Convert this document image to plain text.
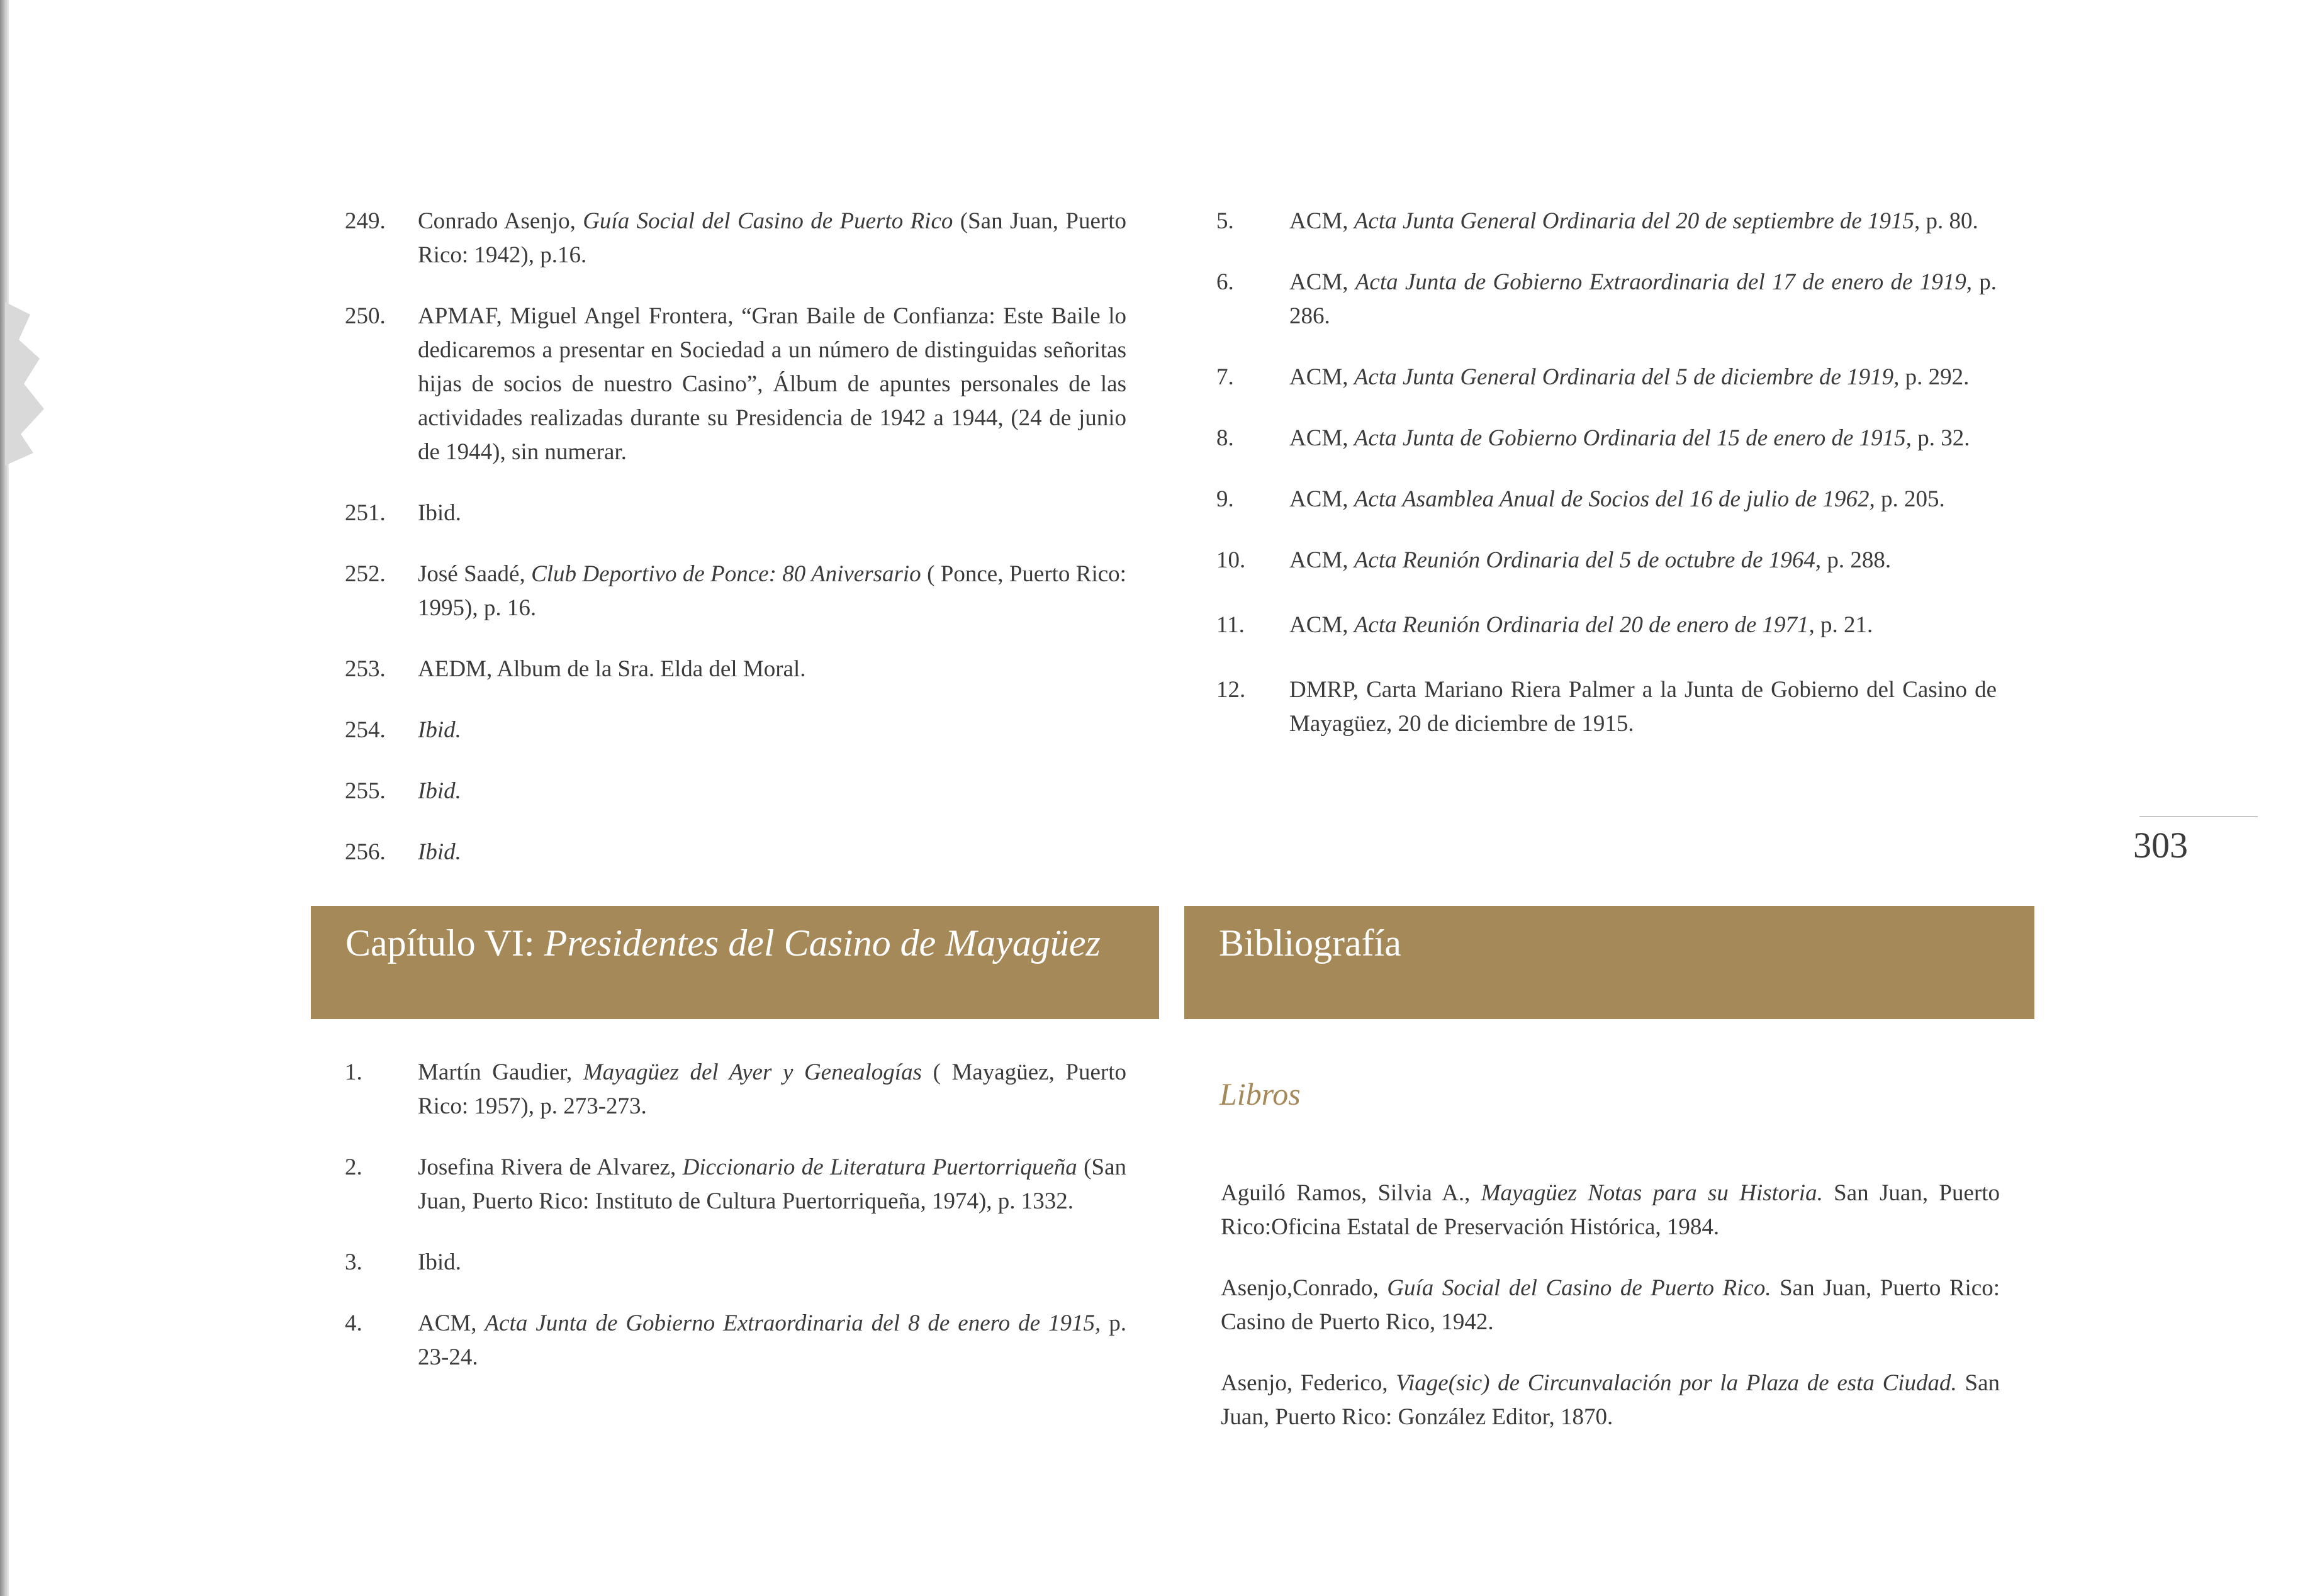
249. Conrado Asenjo, Guía Social del Casino de Puerto Rico (San Juan, Puerto Rico: 1942), p.16.
250. APMAF, Miguel Angel Frontera, “Gran Baile de Confianza: Este Baile lo dedicaremos a presentar en Sociedad a un número de distinguidas señoritas hijas de socios de nuestro Casino”, Álbum de apuntes personales de las actividades realizadas durante su Presidencia de 1942 a 1944, (24 de junio de 1944), sin numerar.
251. Ibid.
252. José Saadé, Club Deportivo de Ponce: 80 Aniversario ( Ponce, Puerto Rico: 1995), p. 16.
253. AEDM, Album de la Sra. Elda del Moral.
254. Ibid.
255. Ibid.
256. Ibid.
5. ACM, Acta Junta General Ordinaria del 20 de septiembre de 1915, p. 80.
6. ACM, Acta Junta de Gobierno Extraordinaria del 17 de enero de 1919, p. 286.
7. ACM, Acta Junta General Ordinaria del 5 de diciembre de 1919, p. 292.
8. ACM, Acta Junta de Gobierno Ordinaria del 15 de enero de 1915, p. 32.
9. ACM, Acta Asamblea Anual de Socios del 16 de julio de 1962, p. 205.
10. ACM, Acta Reunión Ordinaria del 5 de octubre de 1964, p. 288.
11. ACM, Acta Reunión Ordinaria del 20 de enero de 1971, p. 21.
12. DMRP, Carta Mariano Riera Palmer a la Junta de Gobierno del Casino de Mayagüez, 20 de diciembre de 1915.
Capítulo VI: Presidentes del Casino de Mayagüez	Bibliografía
1. Martín Gaudier, Mayagüez del Ayer y Genealogías ( Mayagüez, Puerto Rico: 1957), p. 273-273.
2. Josefina Rivera de Alvarez, Diccionario de Literatura Puertorriqueña (San Juan, Puerto Rico: Instituto de Cultura Puertorriqueña, 1974), p. 1332.
3. Ibid.
4. ACM, Acta Junta de Gobierno Extraordinaria del 8 de enero de 1915, p. 23-24.
Libros
Aguiló Ramos, Silvia A., Mayagüez Notas para su Historia. San Juan, Puerto Rico:Oficina Estatal de Preservación Histórica, 1984.
Asenjo,Conrado, Guía Social del Casino de Puerto Rico. San Juan, Puerto Rico: Casino de Puerto Rico, 1942.
Asenjo, Federico, Viage(sic) de Circunvalación por la Plaza de esta Ciudad. San Juan, Puerto Rico: González Editor, 1870.
303
